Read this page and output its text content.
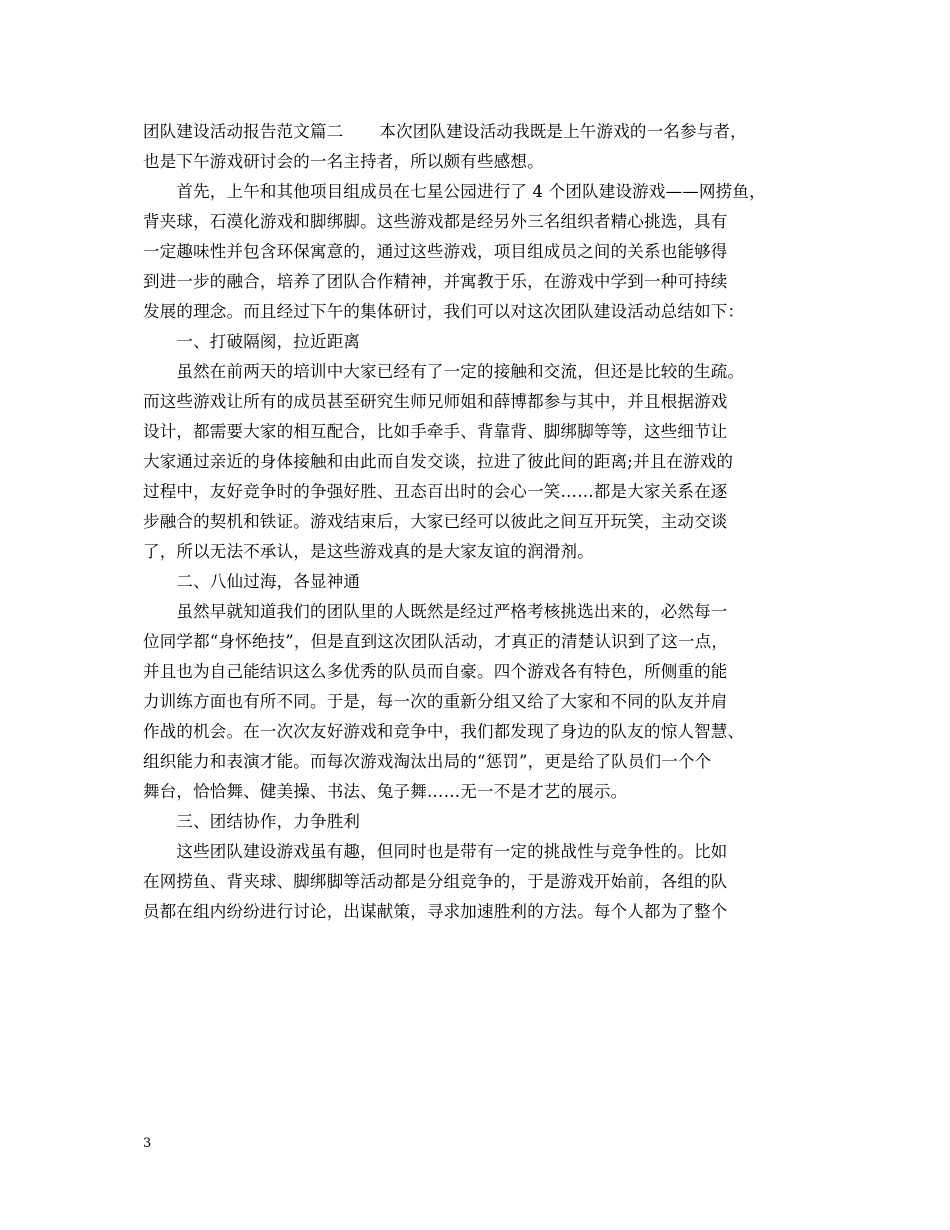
团队建设活动报告范文篇二 本次团队建设活动我既是上午游戏的一名参与者，
也是下午游戏研讨会的一名主持者，所以颇有些感想。
　　首先，上午和其他项目组成员在七星公园进行了 4 个团队建设游戏——网捞鱼，
背夹球，石漠化游戏和脚绑脚。这些游戏都是经另外三名组织者精心挑选，具有
一定趣味性并包含环保寓意的，通过这些游戏，项目组成员之间的关系也能够得
到进一步的融合，培养了团队合作精神，并寓教于乐，在游戏中学到一种可持续
发展的理念。而且经过下午的集体研讨，我们可以对这次团队建设活动总结如下：
　　一、打破隔阂，拉近距离
　　虽然在前两天的培训中大家已经有了一定的接触和交流，但还是比较的生疏。
而这些游戏让所有的成员甚至研究生师兄师姐和薛博都参与其中，并且根据游戏
设计，都需要大家的相互配合，比如手牵手、背靠背、脚绑脚等等，这些细节让
大家通过亲近的身体接触和由此而自发交谈，拉进了彼此间的距离;并且在游戏的
过程中，友好竞争时的争强好胜、丑态百出时的会心一笑……都是大家关系在逐
步融合的契机和铁证。游戏结束后，大家已经可以彼此之间互开玩笑，主动交谈
了，所以无法不承认，是这些游戏真的是大家友谊的润滑剂。
　　二、八仙过海，各显神通
　　虽然早就知道我们的团队里的人既然是经过严格考核挑选出来的，必然每一
位同学都“身怀绝技”，但是直到这次团队活动，才真正的清楚认识到了这一点，
并且也为自己能结识这么多优秀的队员而自豪。四个游戏各有特色，所侧重的能
力训练方面也有所不同。于是，每一次的重新分组又给了大家和不同的队友并肩
作战的机会。在一次次友好游戏和竞争中，我们都发现了身边的队友的惊人智慧、
组织能力和表演才能。而每次游戏淘汰出局的“惩罚”，更是给了队员们一个个
舞台，恰恰舞、健美操、书法、兔子舞……无一不是才艺的展示。
　　三、团结协作，力争胜利
　　这些团队建设游戏虽有趣，但同时也是带有一定的挑战性与竞争性的。比如
在网捞鱼、背夹球、脚绑脚等活动都是分组竞争的，于是游戏开始前，各组的队
员都在组内纷纷进行讨论，出谋献策，寻求加速胜利的方法。每个人都为了整个
3
